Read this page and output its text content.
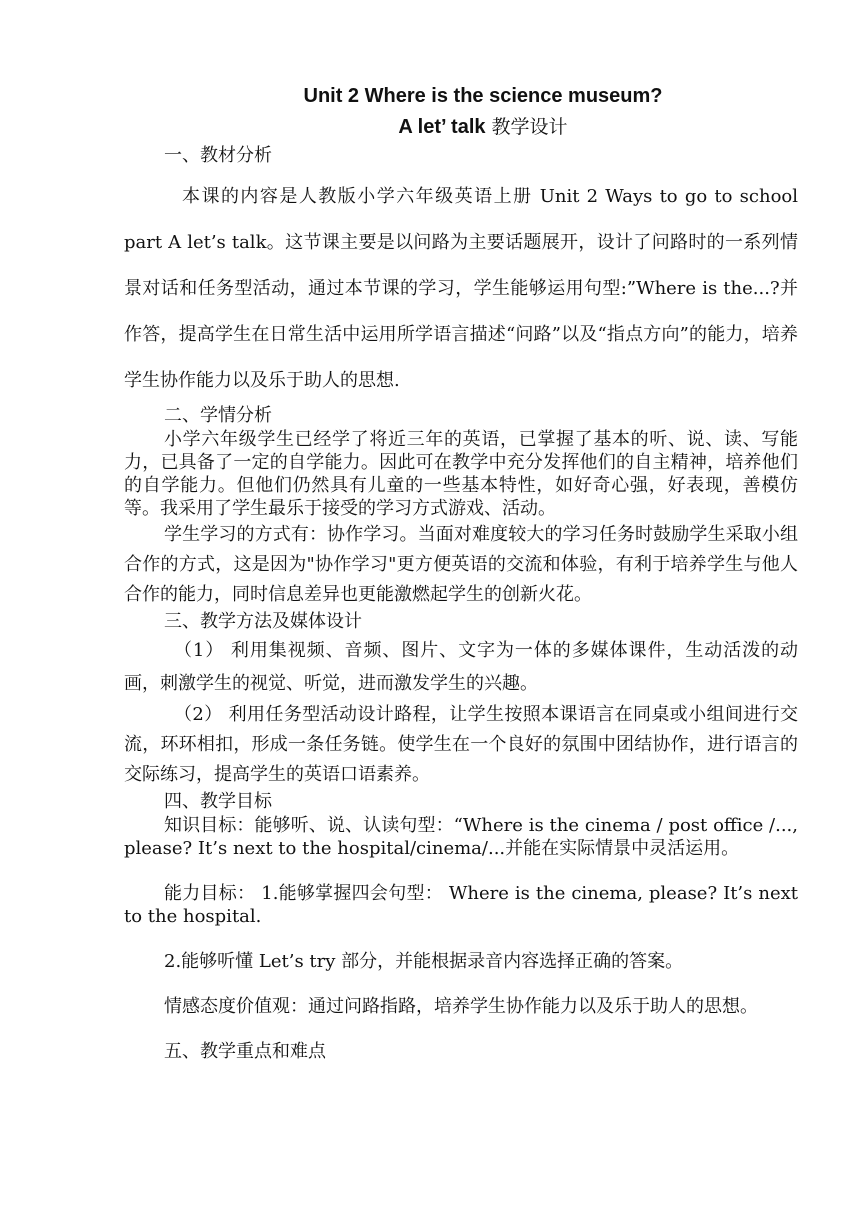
Unit 2 Where is the science museum?

A let’ talk 教学设计

一、教材分析

本课的内容是人教版小学六年级英语上册 Unit 2 Ways to go to school part A let’s talk。这节课主要是以问路为主要话题展开，设计了问路时的一系列情景对话和任务型活动，通过本节课的学习，学生能够运用句型:”Where is the...?并作答，提高学生在日常生活中运用所学语言描述“问路”以及“指点方向”的能力，培养学生协作能力以及乐于助人的思想.

二、学情分析

小学六年级学生已经学了将近三年的英语，已掌握了基本的听、说、读、写能力，已具备了一定的自学能力。因此可在教学中充分发挥他们的自主精神，培养他们的自学能力。但他们仍然具有儿童的一些基本特性，如好奇心强，好表现，善模仿等。我采用了学生最乐于接受的学习方式游戏、活动。

学生学习的方式有：协作学习。当面对难度较大的学习任务时鼓励学生采取小组合作的方式，这是因为"协作学习"更方便英语的交流和体验，有利于培养学生与他人合作的能力，同时信息差异也更能激燃起学生的创新火花。

三、教学方法及媒体设计

（1） 利用集视频、音频、图片、文字为一体的多媒体课件，生动活泼的动画，刺激学生的视觉、听觉，进而激发学生的兴趣。

（2） 利用任务型活动设计路程，让学生按照本课语言在同桌或小组间进行交流，环环相扣，形成一条任务链。使学生在一个良好的氛围中团结协作，进行语言的交际练习，提高学生的英语口语素养。

四、教学目标

知识目标：能够听、说、认读句型：“Where is the cinema / post office /..., please? It’s next to the hospital/cinema/...并能在实际情景中灵活运用。

能力目标： 1.能够掌握四会句型： Where is the cinema, please? It’s next to the hospital.

2.能够听懂 Let’s try 部分，并能根据录音内容选择正确的答案。

情感态度价值观：通过问路指路，培养学生协作能力以及乐于助人的思想。

五、教学重点和难点
